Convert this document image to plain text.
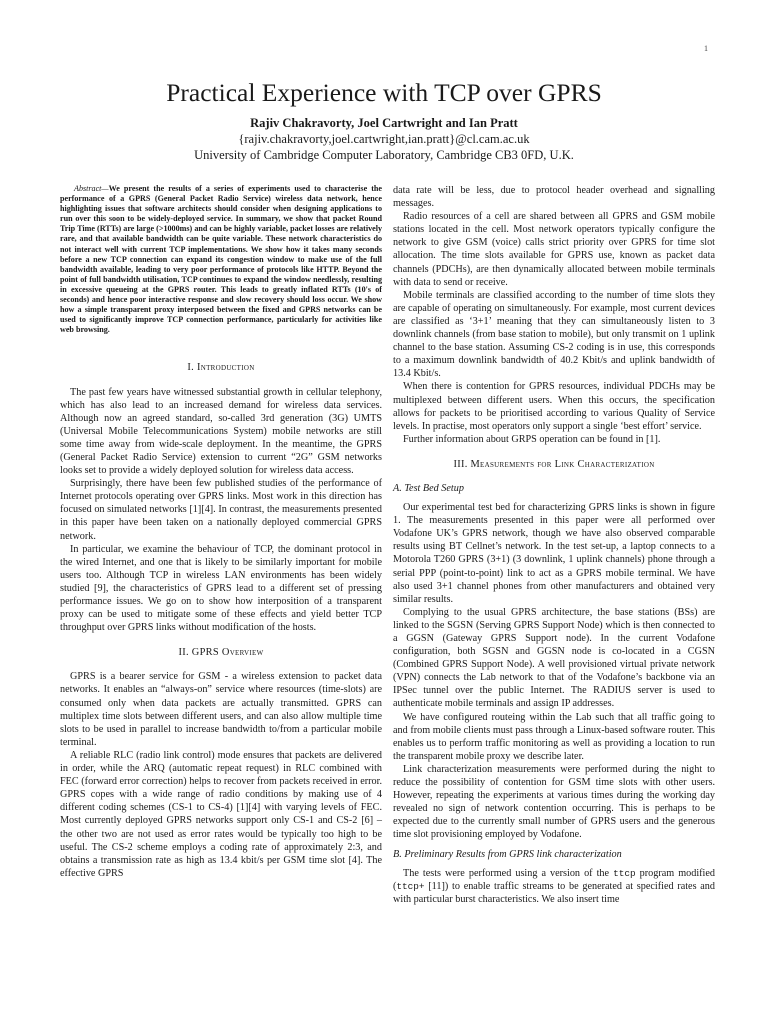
1
Practical Experience with TCP over GPRS
Rajiv Chakravorty, Joel Cartwright and Ian Pratt
{rajiv.chakravorty,joel.cartwright,ian.pratt}@cl.cam.ac.uk
University of Cambridge Computer Laboratory, Cambridge CB3 0FD, U.K.
Abstract—We present the results of a series of experiments used to characterise the performance of a GPRS (General Packet Radio Service) wireless data network, hence highlighting issues that software architects should consider when designing applications to run over this soon to be widely-deployed service. In summary, we show that packet Round Trip Time (RTTs) are large (>1000ms) and can be highly variable, packet losses are relatively rare, and that available bandwidth can be quite variable. These network characteristics do not interact well with current TCP implementations. We show how it takes many seconds before a new TCP connection can expand its congestion window to make use of the full bandwidth available, leading to very poor performance of protocols like HTTP. Beyond the point of full bandwidth utilisation, TCP continues to expand the window needlessly, resulting in excessive queueing at the GPRS router. This leads to greatly inflated RTTs (10's of seconds) and hence poor interactive response and slow recovery should loss occur. We show how a simple transparent proxy interposed between the fixed and GPRS networks can be used to significantly improve TCP connection performance, particularly for activities like web browsing.
I. Introduction

The past few years have witnessed substantial growth in cellular telephony, which has also lead to an increased demand for wireless data services. Although now an agreed standard, so-called 3rd generation (3G) UMTS (Universal Mobile Telecommunications System) mobile networks are still some time away from wide-scale deployment. In the meantime, the GPRS (General Packet Radio Service) extension to current “2G” GSM networks looks set to provide a widely deployed solution for wireless data access.

Surprisingly, there have been few published studies of the performance of Internet protocols operating over GPRS links. Most work in this direction has focused on simulated networks [1][4]. In contrast, the measurements presented in this paper have been taken on a nationally deployed commercial GPRS network.

In particular, we examine the behaviour of TCP, the dominant protocol in the wired Internet, and one that is likely to be similarly important for mobile users too. Although TCP in wireless LAN environments has been widely studied [9], the characteristics of GPRS lead to a different set of pressing performance issues. We go on to show how interposition of a transparent proxy can be used to mitigate some of these effects and yield better TCP throughput over GPRS links without modification of the hosts.

II. GPRS Overview

GPRS is a bearer service for GSM - a wireless extension to packet data networks. It enables an “always-on” service where resources (time-slots) are consumed only when data packets are actually transmitted. GPRS can multiplex time slots between different users, and can also allow multiple time slots to be used in parallel to increase bandwidth to/from a particular mobile terminal.

A reliable RLC (radio link control) mode ensures that packets are delivered in order, while the ARQ (automatic repeat request) in RLC combined with FEC (forward error correction) helps to recover from packets received in error. GPRS copes with a wide range of radio conditions by making use of 4 different coding schemes (CS-1 to CS-4) [1][4] with varying levels of FEC. Most currently deployed GPRS networks support only CS-1 and CS-2 [6] – the other two are not used as error rates would be typically too high to be useful. The CS-2 scheme employs a coding rate of approximately 2:3, and obtains a transmission rate as high as 13.4 kbit/s per GSM time slot [4]. The effective GPRS

data rate will be less, due to protocol header overhead and signalling messages.

Radio resources of a cell are shared between all GPRS and GSM mobile stations located in the cell. Most network operators typically configure the network to give GSM (voice) calls strict priority over GPRS for time slot allocation. The time slots available for GPRS use, known as packet data channels (PDCHs), are then dynamically allocated between mobile terminals with data to send or receive.

Mobile terminals are classified according to the number of time slots they are capable of operating on simultaneously. For example, most current devices are classified as ‘3+1’ meaning that they can simultaneously listen to 3 downlink channels (from base station to mobile), but only transmit on 1 uplink channel to the base station. Assuming CS-2 coding is in use, this corresponds to a maximum downlink bandwidth of 40.2 Kbit/s and uplink bandwidth of 13.4 Kbit/s.

When there is contention for GPRS resources, individual PDCHs may be multiplexed between different users. When this occurs, the specification allows for packets to be prioritised according to various Quality of Service levels. In practise, most operators only support a single ‘best effort’ service.

Further information about GRPS operation can be found in [1].

III. Measurements for Link Characterization
A. Test Bed Setup

Our experimental test bed for characterizing GPRS links is shown in figure 1. The measurements presented in this paper were all performed over Vodafone UK’s GPRS network, though we have also observed comparable results using BT Cellnet’s network. In the test set-up, a laptop connects to a Motorola T260 GPRS (3+1) (3 downlink, 1 uplink channels) phone through a serial PPP (point-to-point) link to act as a GPRS mobile terminal. We have also used 3+1 channel phones from other manufacturers and obtained very similar results.

Complying to the usual GPRS architecture, the base stations (BSs) are linked to the SGSN (Serving GPRS Support Node) which is then connected to a GGSN (Gateway GPRS Support node). In the current Vodafone configuration, both SGSN and GGSN node is co-located in a CGSN (Combined GPRS Support Node). A well provisioned virtual private network (VPN) connects the Lab network to that of the Vodafone’s backbone via an IPSec tunnel over the public Internet. The RADIUS server is used to authenticate mobile terminals and assign IP addresses.

We have configured routeing within the Lab such that all traffic going to and from mobile clients must pass through a Linux-based software router. This enables us to perform traffic monitoring as well as providing a location to run the transparent mobile proxy we describe later.

Link characterization measurements were performed during the night to reduce the possibility of contention for GSM time slots with other users. However, repeating the experiments at various times during the working day revealed no sign of network contention occurring. This is perhaps to be expected due to the currently small number of GPRS users and the generous time slot provisioning employed by Vodafone.

B. Preliminary Results from GPRS link characterization

The tests were performed using a version of the ttcp program modified (ttcp+ [11]) to enable traffic streams to be generated at specified rates and with particular burst characteristics. We also insert time
